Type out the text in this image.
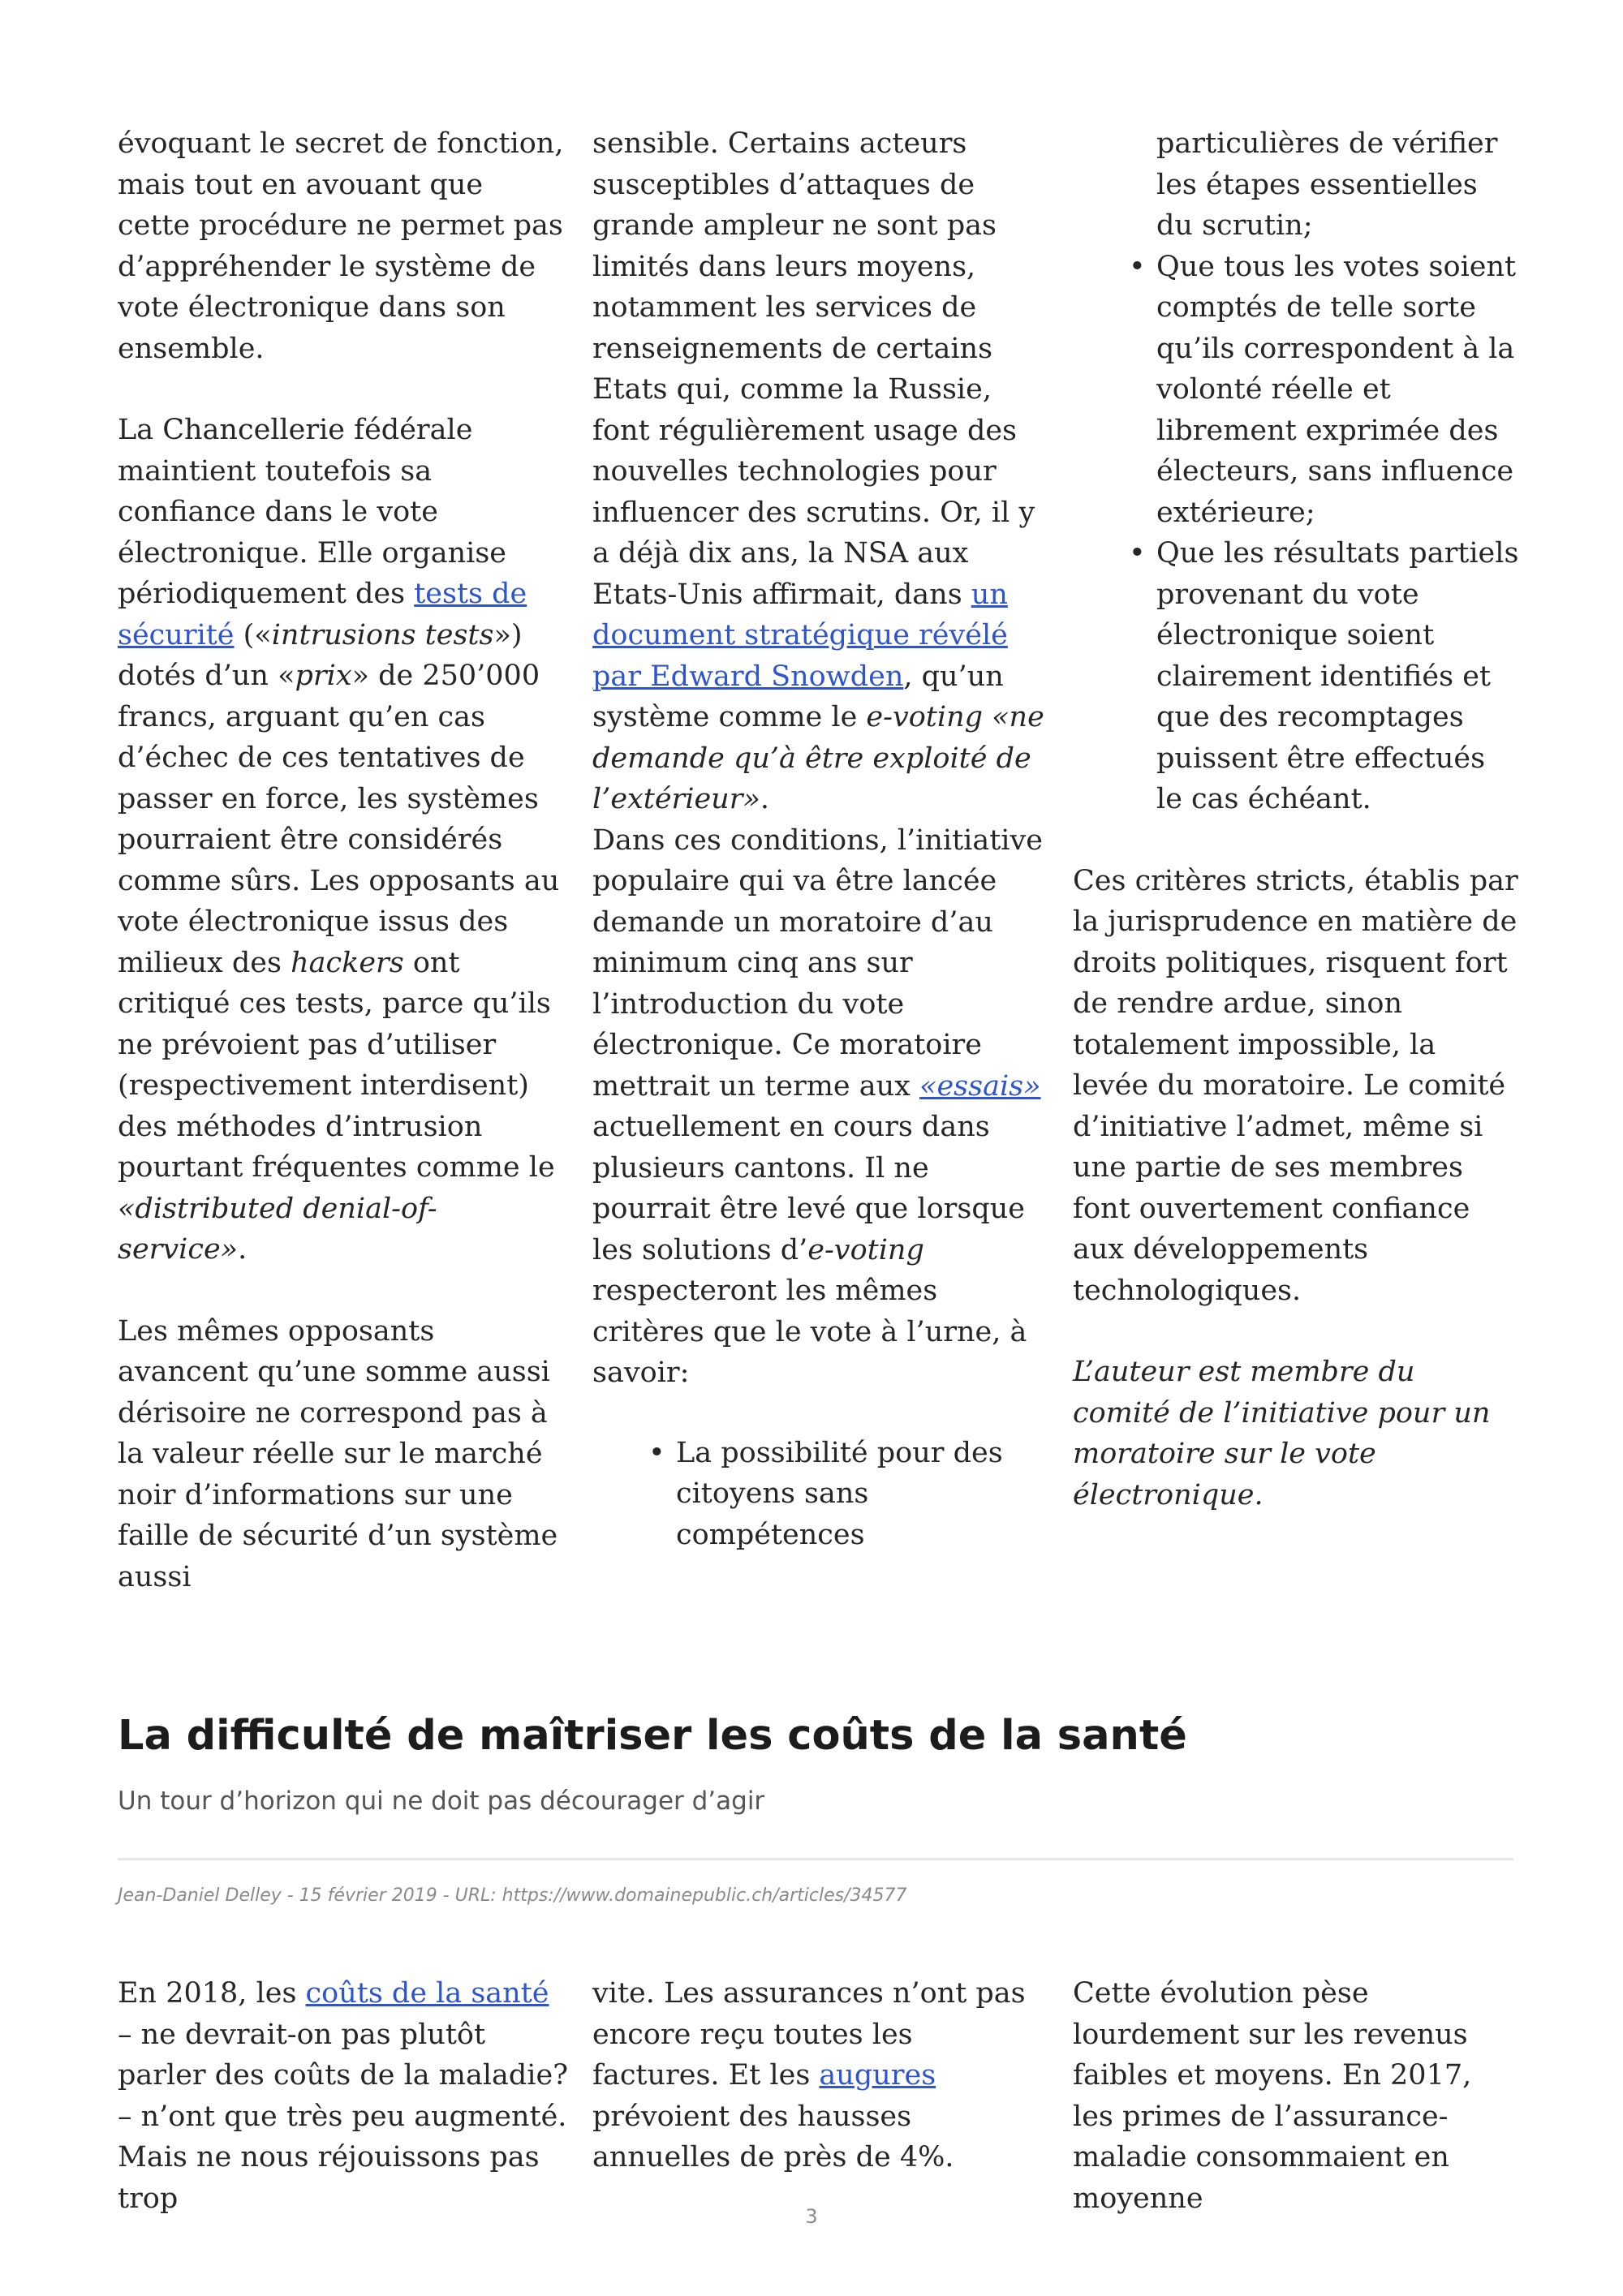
évoquant le secret de fonction, mais tout en avouant que cette procédure ne permet pas d’appréhender le système de vote électronique dans son ensemble.

La Chancellerie fédérale maintient toutefois sa confiance dans le vote électronique. Elle organise périodiquement des tests de sécurité («intrusions tests») dotés d’un «prix» de 250’000 francs, arguant qu’en cas d’échec de ces tentatives de passer en force, les systèmes pourraient être considérés comme sûrs. Les opposants au vote électronique issus des milieux des hackers ont critiqué ces tests, parce qu’ils ne prévoient pas d’utiliser (respectivement interdisent) des méthodes d’intrusion pourtant fréquentes comme le «distributed denial-of-service».

Les mêmes opposants avancent qu’une somme aussi dérisoire ne correspond pas à la valeur réelle sur le marché noir d’informations sur une faille de sécurité d’un système aussi

sensible. Certains acteurs susceptibles d’attaques de grande ampleur ne sont pas limités dans leurs moyens, notamment les services de renseignements de certains Etats qui, comme la Russie, font régulièrement usage des nouvelles technologies pour influencer des scrutins. Or, il y a déjà dix ans, la NSA aux Etats-Unis affirmait, dans un document stratégique révélé par Edward Snowden, qu’un système comme le e-voting «ne demande qu’à être exploité de l’extérieur».

Dans ces conditions, l’initiative populaire qui va être lancée demande un moratoire d’au minimum cinq ans sur l’introduction du vote électronique. Ce moratoire mettrait un terme aux «essais» actuellement en cours dans plusieurs cantons. Il ne pourrait être levé que lorsque les solutions d’e-voting respecteront les mêmes critères que le vote à l’urne, à savoir:

• La possibilité pour des citoyens sans compétences
particulières de vérifier les étapes essentielles du scrutin;
• Que tous les votes soient comptés de telle sorte qu’ils correspondent à la volonté réelle et librement exprimée des électeurs, sans influence extérieure;
• Que les résultats partiels provenant du vote électronique soient clairement identifiés et que des recomptages puissent être effectués le cas échéant.

Ces critères stricts, établis par la jurisprudence en matière de droits politiques, risquent fort de rendre ardue, sinon totalement impossible, la levée du moratoire. Le comité d’initiative l’admet, même si une partie de ses membres font ouvertement confiance aux développements technologiques.

L’auteur est membre du comité de l’initiative pour un moratoire sur le vote électronique.

La difficulté de maîtriser les coûts de la santé
Un tour d’horizon qui ne doit pas décourager d’agir
Jean-Daniel Delley - 15 février 2019 - URL: https://www.domainepublic.ch/articles/34577

En 2018, les coûts de la santé – ne devrait-on pas plutôt parler des coûts de la maladie? – n’ont que très peu augmenté. Mais ne nous réjouissons pas trop

vite. Les assurances n’ont pas encore reçu toutes les factures. Et les augures prévoient des hausses annuelles de près de 4%.

Cette évolution pèse lourdement sur les revenus faibles et moyens. En 2017, les primes de l’assurance-maladie consommaient en moyenne

3
